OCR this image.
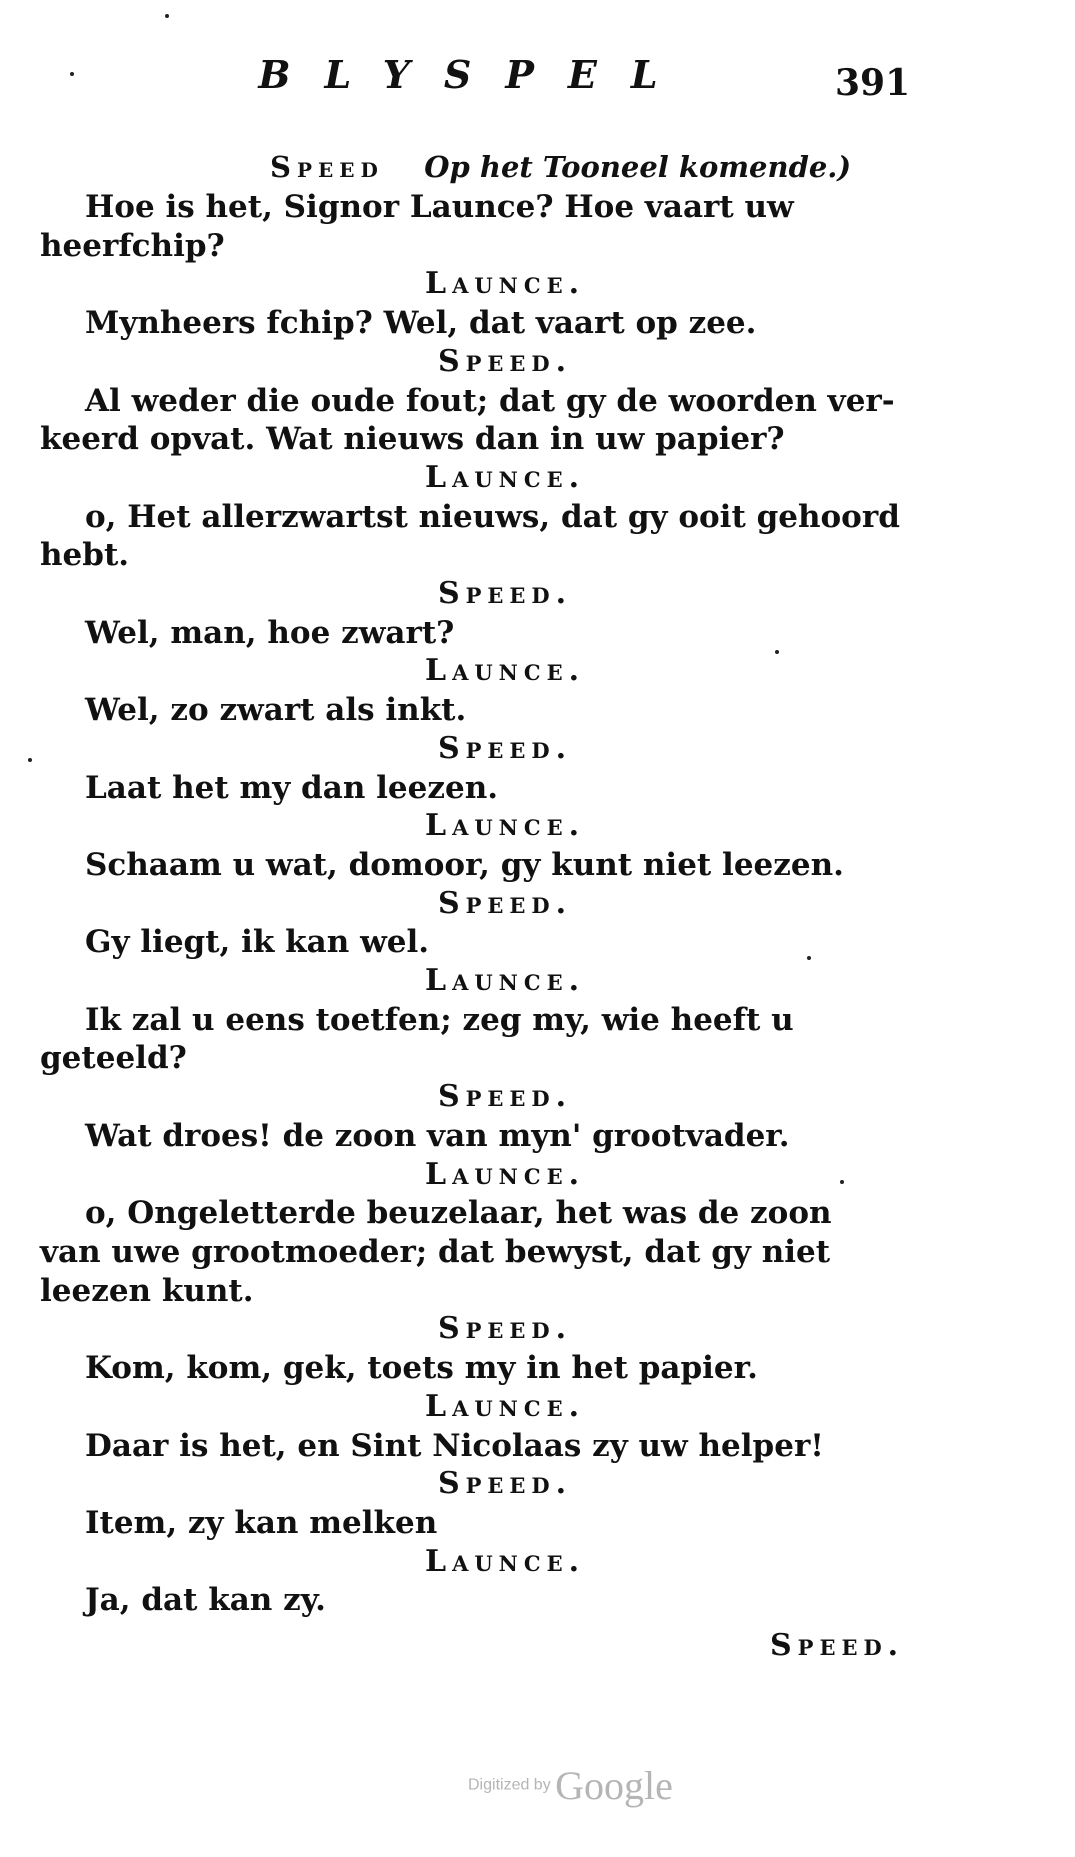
BLYSPEL	391
Speed Op het Tooneel komende.)
Hoe is het, Signor Launce? Hoe vaart uw
heerfchip?
Launce.
Mynheers fchip? Wel, dat vaart op zee.
Speed.
Al weder die oude fout; dat gy de woorden ver-
keerd opvat. Wat nieuws dan in uw papier?
Launce.
o, Het allerzwartst nieuws, dat gy ooit gehoord
hebt.
Speed.
Wel, man, hoe zwart?
Launce.
Wel, zo zwart als inkt.
Speed.
Laat het my dan leezen.
Launce.
Schaam u wat, domoor, gy kunt niet leezen.
Speed.
Gy liegt, ik kan wel.
Launce.
Ik zal u eens toetfen; zeg my, wie heeft u
geteeld?
Speed.
Wat droes! de zoon van myn' grootvader.
Launce.
o, Ongeletterde beuzelaar, het was de zoon
van uwe grootmoeder; dat bewyst, dat gy niet
leezen kunt.
Speed.
Kom, kom, gek, toets my in het papier.
Launce.
Daar is het, en Sint Nicolaas zy uw helper!
Speed.
Item, zy kan melken
Launce.
Ja, dat kan zy.
Speed.
Digitized by Google
